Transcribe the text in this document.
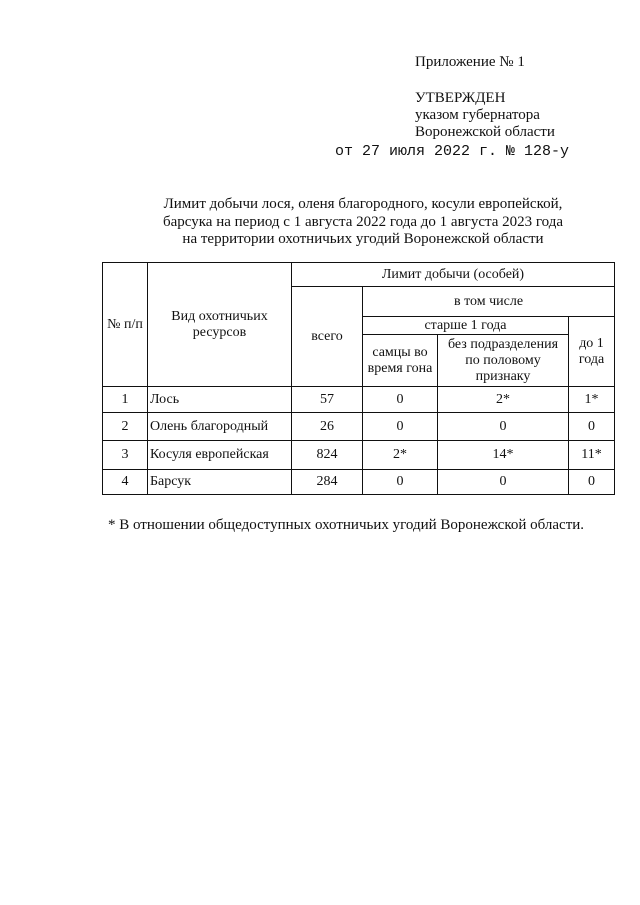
Приложение № 1
УТВЕРЖДЕН
указом губернатора
Воронежской области
от 27 июля 2022 г. № 128-у
Лимит добычи лося, оленя благородного, косули европейской,
барсука на период с 1 августа 2022 года до 1 августа 2023 года
на территории охотничьих угодий Воронежской области
№ п/п	Вид охотничьих ресурсов	Лимит добычи (особей)			
		всего	в том числе		
			старше 1 года		до 1 года
			самцы во время гона	без подразделения по половому признаку	
1	Лось	57	0	2*	1*
2	Олень благородный	26	0	0	0
3	Косуля европейская	824	2*	14*	11*
4	Барсук	284	0	0	0
* В отношении общедоступных охотничьих угодий Воронежской области.
